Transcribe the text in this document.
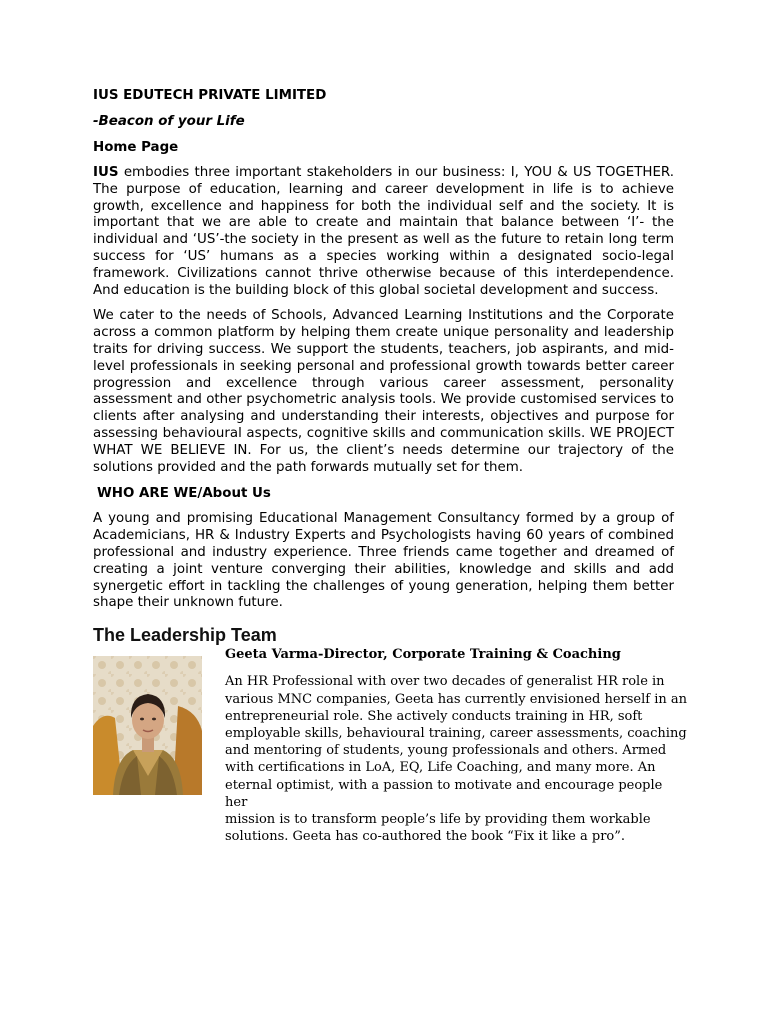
IUS EDUTECH PRIVATE LIMITED

-Beacon of your Life

Home Page

IUS embodies three important stakeholders in our business: I, YOU & US TOGETHER. The purpose of education, learning and career development in life is to achieve growth, excellence and happiness for both the individual self and the society. It is important that we are able to create and maintain that balance between ‘I’- the individual and ‘US’-the society in the present as well as the future to retain long term success for ‘US’ humans as a species working within a designated socio-legal framework. Civilizations cannot thrive otherwise because of this interdependence. And education is the building block of this global societal development and success.

We cater to the needs of Schools, Advanced Learning Institutions and the Corporate across a common platform by helping them create unique personality and leadership traits for driving success. We support the students, teachers, job aspirants, and mid-level professionals in seeking personal and professional growth towards better career progression and excellence through various career assessment, personality assessment and other psychometric analysis tools. We provide customised services to clients after analysing and understanding their interests, objectives and purpose for assessing behavioural aspects, cognitive skills and communication skills. WE PROJECT WHAT WE BELIEVE IN. For us, the client’s needs determine our trajectory of the solutions provided and the path forwards mutually set for them.

WHO ARE WE/About Us

A young and promising Educational Management Consultancy formed by a group of Academicians, HR & Industry Experts and Psychologists having 60 years of combined professional and industry experience. Three friends came together and dreamed of creating a joint venture converging their abilities, knowledge and skills and add synergetic effort in tackling the challenges of young generation, helping them better shape their unknown future.

The Leadership Team

Geeta Varma-Director, Corporate Training & Coaching

An HR Professional with over two decades of generalist HR role in
various MNC companies, Geeta has currently envisioned herself in an
entrepreneurial role. She actively conducts training in HR, soft
employable skills, behavioural training, career assessments, coaching
and mentoring of students, young professionals and others. Armed
with certifications in LoA, EQ, Life Coaching, and many more. An
eternal optimist, with a passion to motivate and encourage people her
mission is to transform people’s life by providing them workable
solutions. Geeta has co-authored the book “Fix it like a pro”.
